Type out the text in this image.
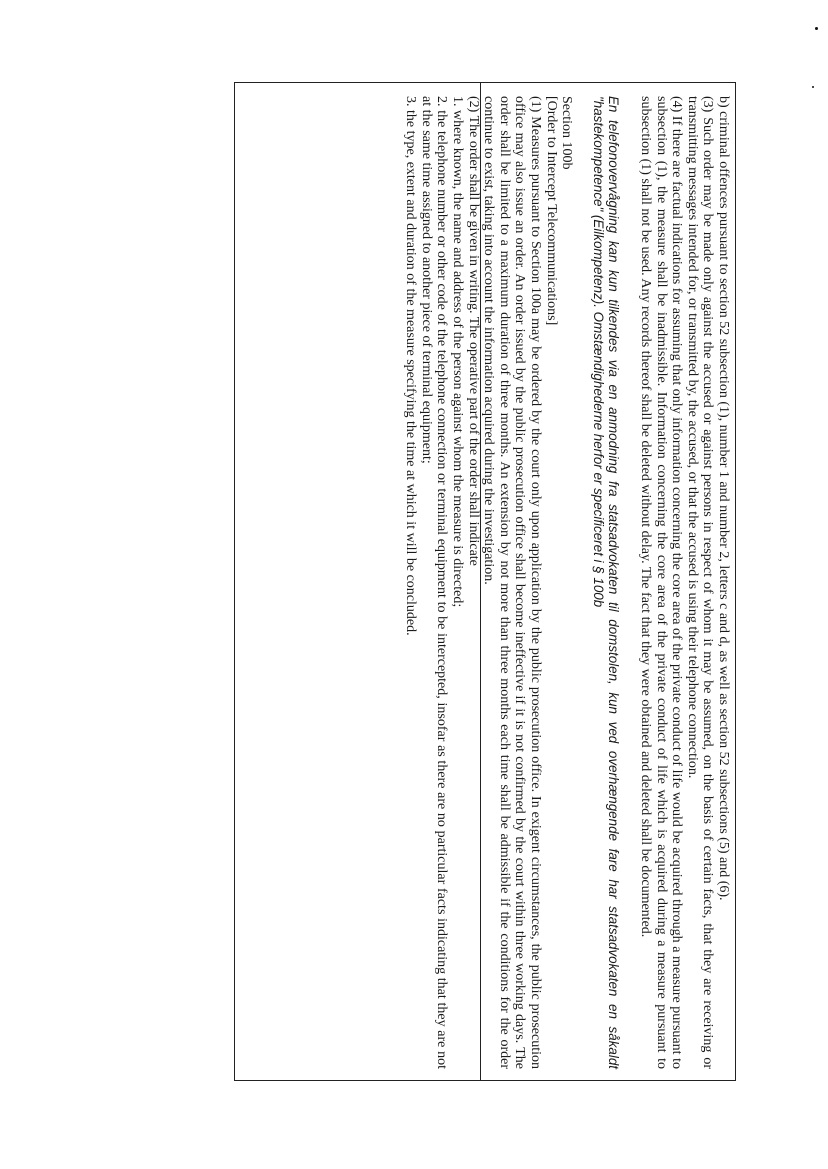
b) criminal offences pursuant to section 52 subsection (1), number 1 and number 2, letters c and d, as well as section 52 subsections (5) and (6).

(3) Such order may be made only against the accused or against persons in respect of whom it may be assumed, on the basis of certain facts, that they are receiving or transmitting messages intended for, or transmitted by, the accused, or that the accused is using their telephone connection.

(4) If there are factual indications for assuming that only information concerning the core area of the private conduct of life would be acquired through a measure pursuant to subsection (1), the measure shall be inadmissible. Information concerning the core area of the private conduct of life which is acquired during a measure pursuant to subsection (1) shall not be used. Any records thereof shall be deleted without delay. The fact that they were obtained and deleted shall be documented.

En telefonovervågning kan kun tilkendes via en anmodning fra statsadvokaten til domstolen, kun ved overhængende fare har statsadvokaten en såkaldt "hastekompetence" (Eilkompetenz). Omstændighederne herfor er specificeret i § 100b

Section 100b

[Order to Intercept Telecommunications]

(1) Measures pursuant to Section 100a may be ordered by the court only upon application by the public prosecution office. In exigent circumstances, the public prosecution office may also issue an order. An order issued by the public prosecution office shall become ineffective if it is not confirmed by the court within three working days. The order shall be limited to a maximum duration of three months. An extension by not more than three months each time shall be admissible if the conditions for the order continue to exist, taking into account the information acquired during the investigation.

(2) The order shall be given in writing. The operative part of the order shall indicate

1. where known, the name and address of the person against whom the measure is directed;

2. the telephone number or other code of the telephone connection or terminal equipment to be intercepted, insofar as there are no particular facts indicating that they are not at the same time assigned to another piece of terminal equipment;

3. the type, extent and duration of the measure specifying the time at which it will be concluded.
